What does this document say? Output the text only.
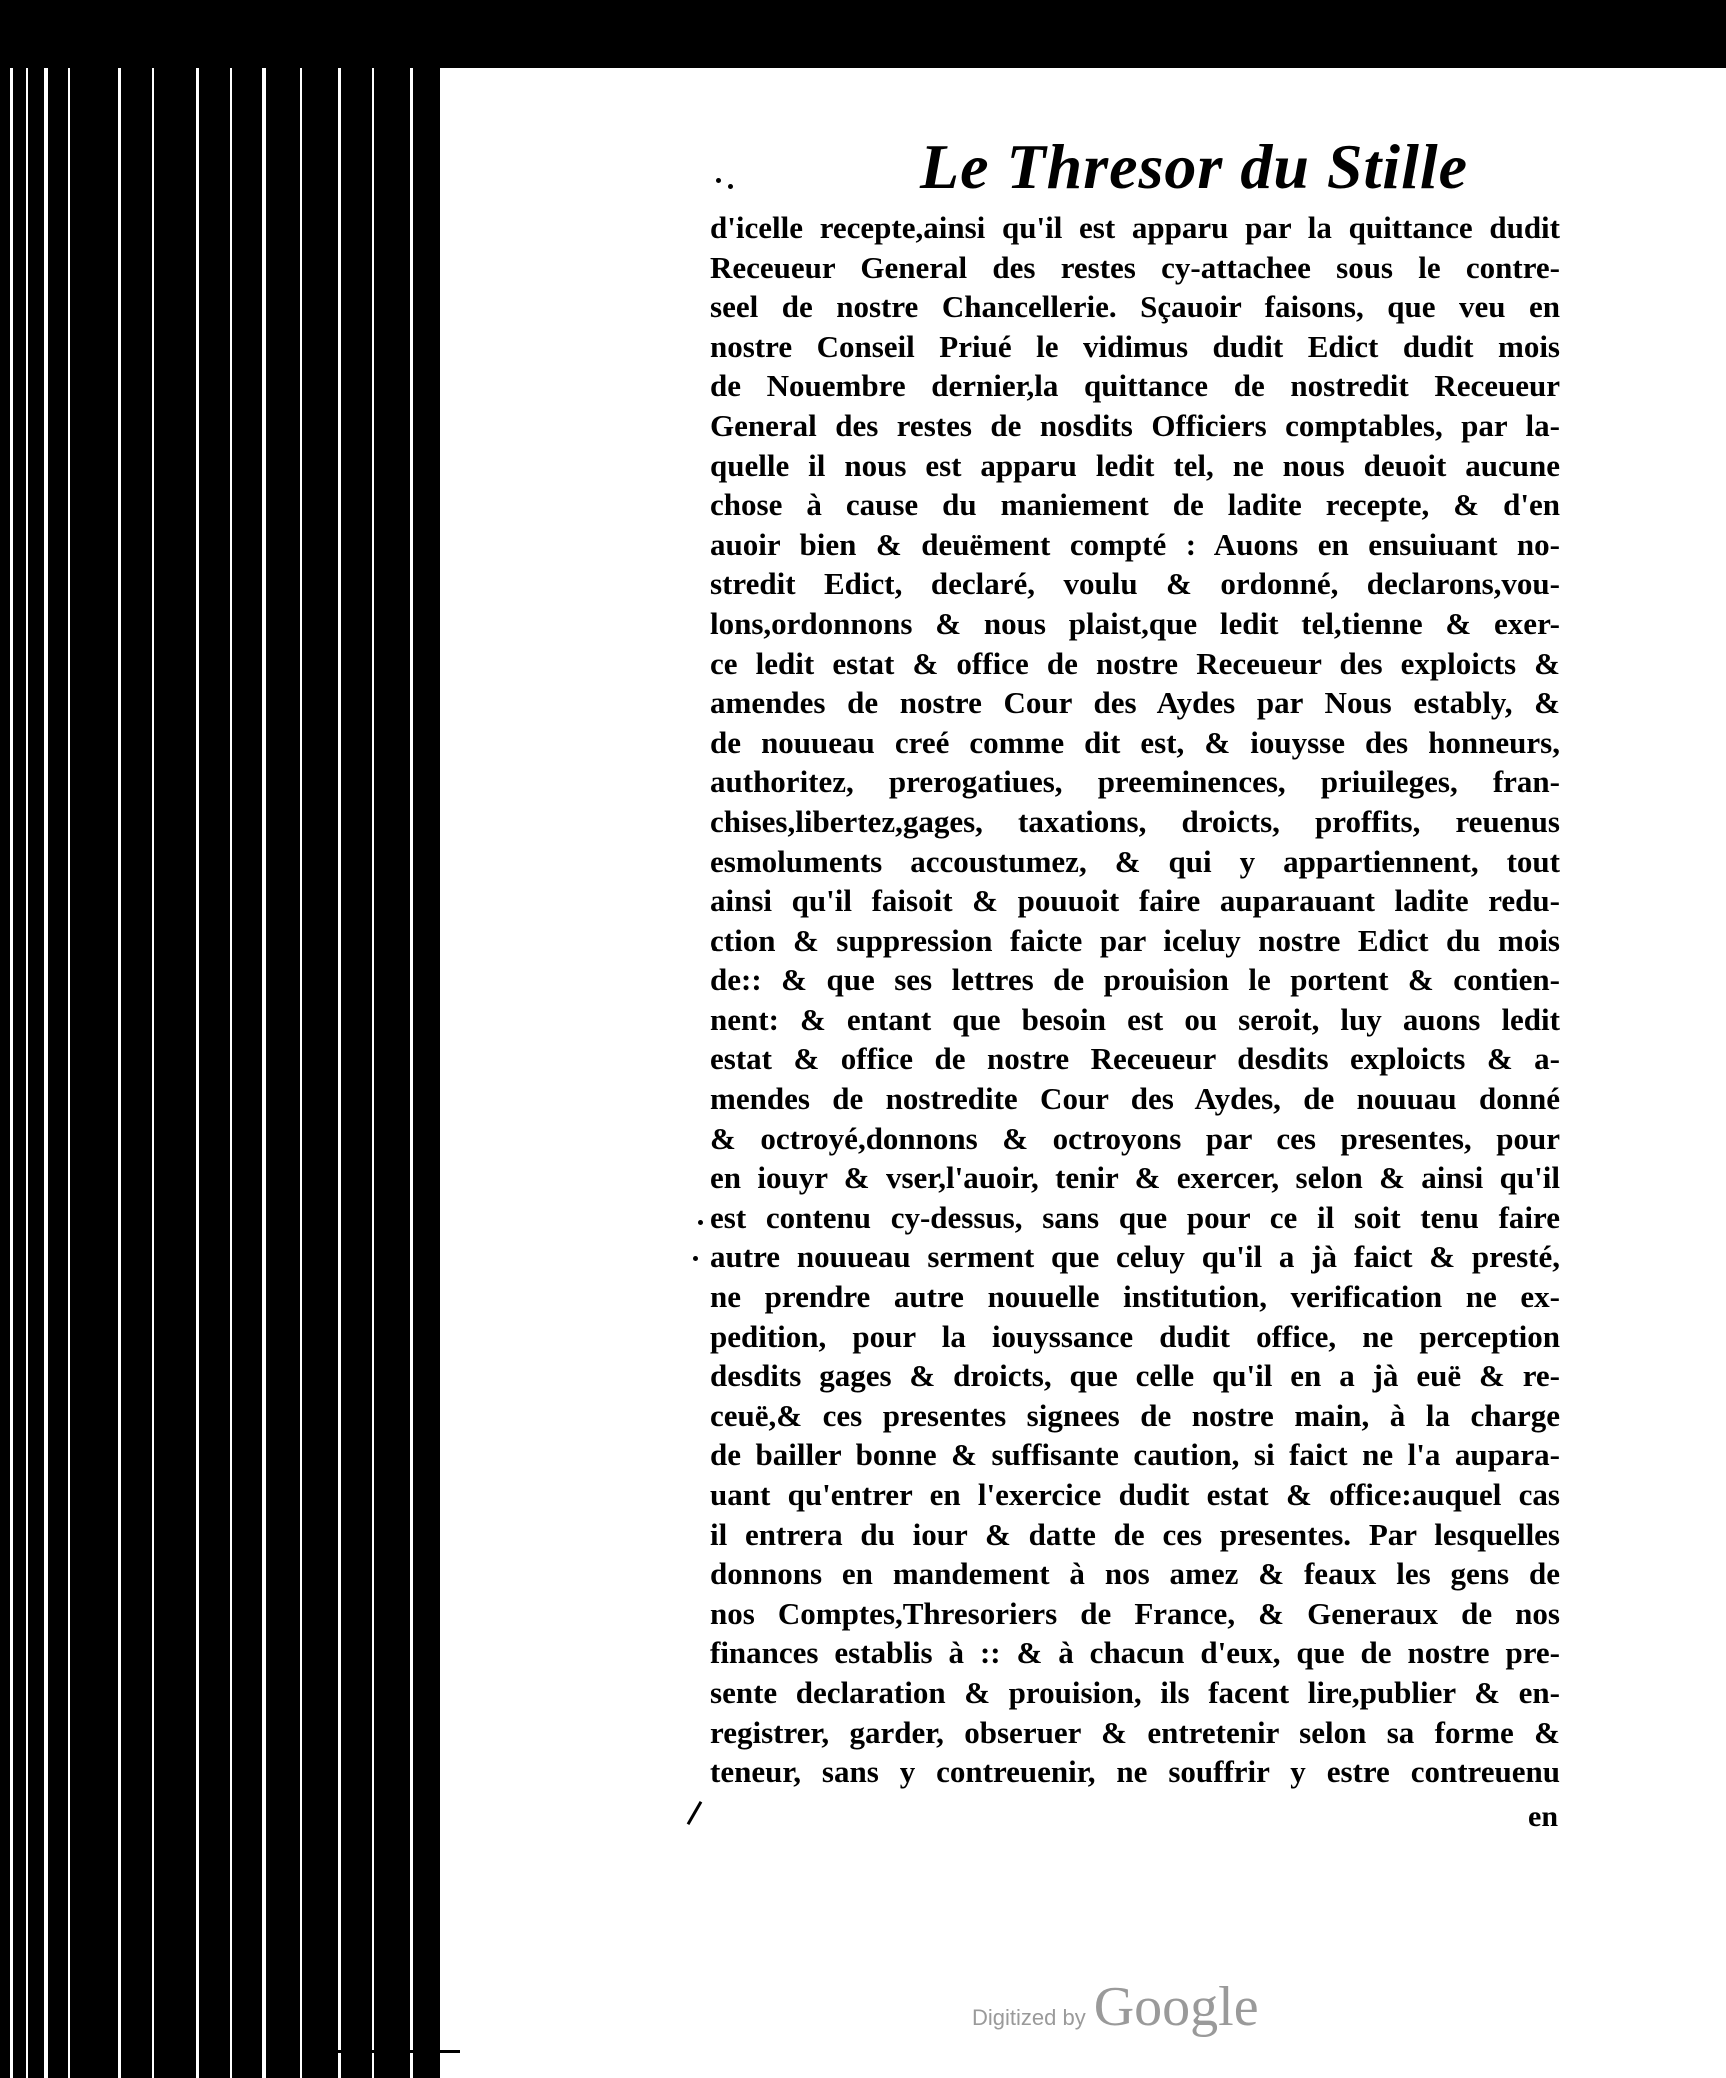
Le Thresor du Stille
d'icelle recepte,ainsi qu'il est apparu par la quittance dudit
Receueur General des restes cy-attachee sous le contre-
seel de nostre Chancellerie. Sçauoir faisons, que veu en
nostre Conseil Priué le vidimus dudit Edict dudit mois
de Nouembre dernier,la quittance de nostredit Receueur
General des restes de nosdits Officiers comptables, par la-
quelle il nous est apparu ledit tel, ne nous deuoit aucune
chose à cause du maniement de ladite recepte, & d'en
auoir bien & deuëment compté : Auons en ensuiuant no-
stredit Edict, declaré, voulu & ordonné, declarons,vou-
lons,ordonnons & nous plaist,que ledit tel,tienne & exer-
ce ledit estat & office de nostre Receueur des exploicts &
amendes de nostre Cour des Aydes par Nous estably, &
de nouueau creé comme dit est, & iouysse des honneurs,
authoritez, prerogatiues, preeminences, priuileges, fran-
chises,libertez,gages, taxations, droicts, proffits, reuenus
esmoluments accoustumez, & qui y appartiennent, tout
ainsi qu'il faisoit & pouuoit faire auparauant ladite redu-
ction & suppression faicte par iceluy nostre Edict du mois
de:: & que ses lettres de prouision le portent & contien-
nent: & entant que besoin est ou seroit, luy auons ledit
estat & office de nostre Receueur desdits exploicts & a-
mendes de nostredite Cour des Aydes, de nouuau donné
& octroyé,donnons & octroyons par ces presentes, pour
en iouyr & vser,l'auoir, tenir & exercer, selon & ainsi qu'il
est contenu cy-dessus, sans que pour ce il soit tenu faire
autre nouueau serment que celuy qu'il a jà faict & presté,
ne prendre autre nouuelle institution, verification ne ex-
pedition, pour la iouyssance dudit office, ne perception
desdits gages & droicts, que celle qu'il en a jà euë & re-
ceuë,& ces presentes signees de nostre main, à la charge
de bailler bonne & suffisante caution, si faict ne l'a aupara-
uant qu'entrer en l'exercice dudit estat & office:auquel cas
il entrera du iour & datte de ces presentes. Par lesquelles
donnons en mandement à nos amez & feaux les gens de
nos Comptes,Thresoriers de France, & Generaux de nos
finances establis à :: & à chacun d'eux, que de nostre pre-
sente declaration & prouision, ils facent lire,publier & en-
registrer, garder, obseruer & entretenir selon sa forme &
teneur, sans y contreuenir, ne souffrir y estre contreuenu
en
Digitized by Google
